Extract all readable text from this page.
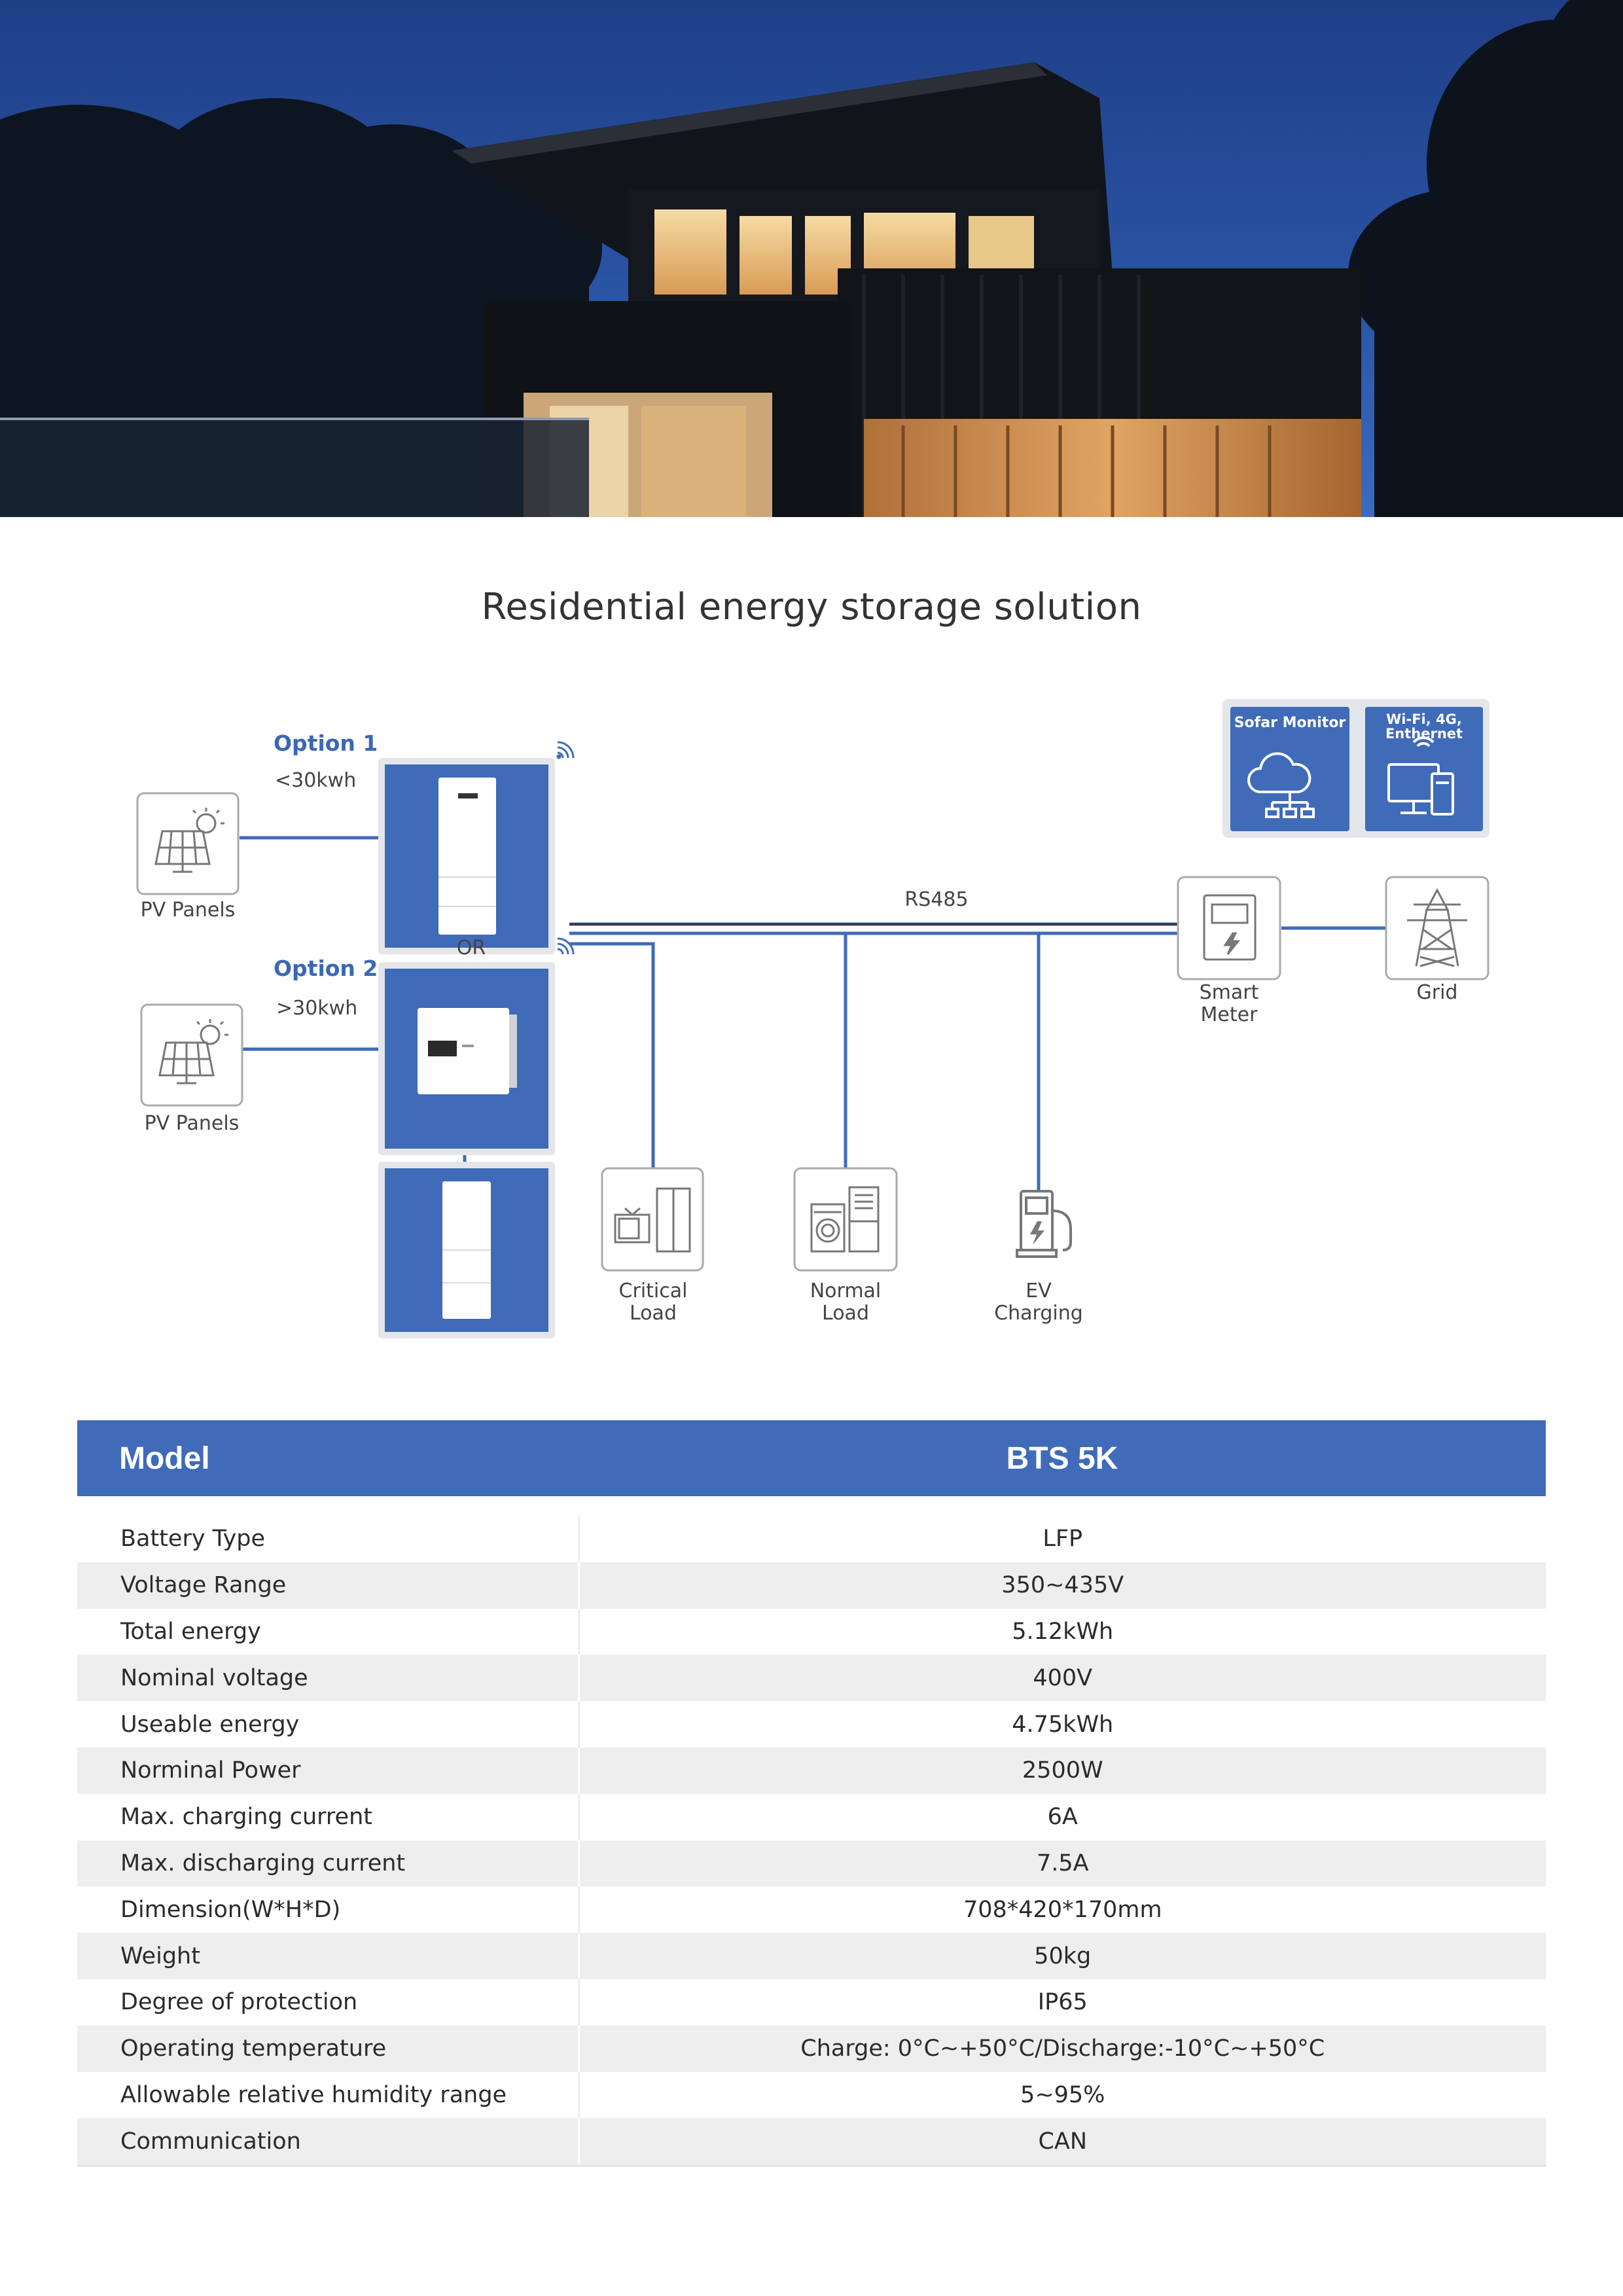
Residential energy storage solution
Option 1
<30kwh
PV Panels
OR
Option 2
>30kwh
PV Panels
RS485
Sofar Monitor	Wi-Fi, 4G,
Enthernet
Smart
Meter
Grid
Critical
Load
Normal
Load
EV
Charging
Model	BTS 5K

Battery Type	LFP
Voltage Range	350~435V
Total energy	5.12kWh
Nominal voltage	400V
Useable energy	4.75kWh
Norminal Power	2500W
Max. charging current	6A
Max. discharging current	7.5A
Dimension(W*H*D)	708*420*170mm
Weight	50kg
Degree of protection	IP65
Operating temperature	Charge: 0°C~+50°C/Discharge:-10°C~+50°C
Allowable relative humidity range	5~95%
Communication	CAN
